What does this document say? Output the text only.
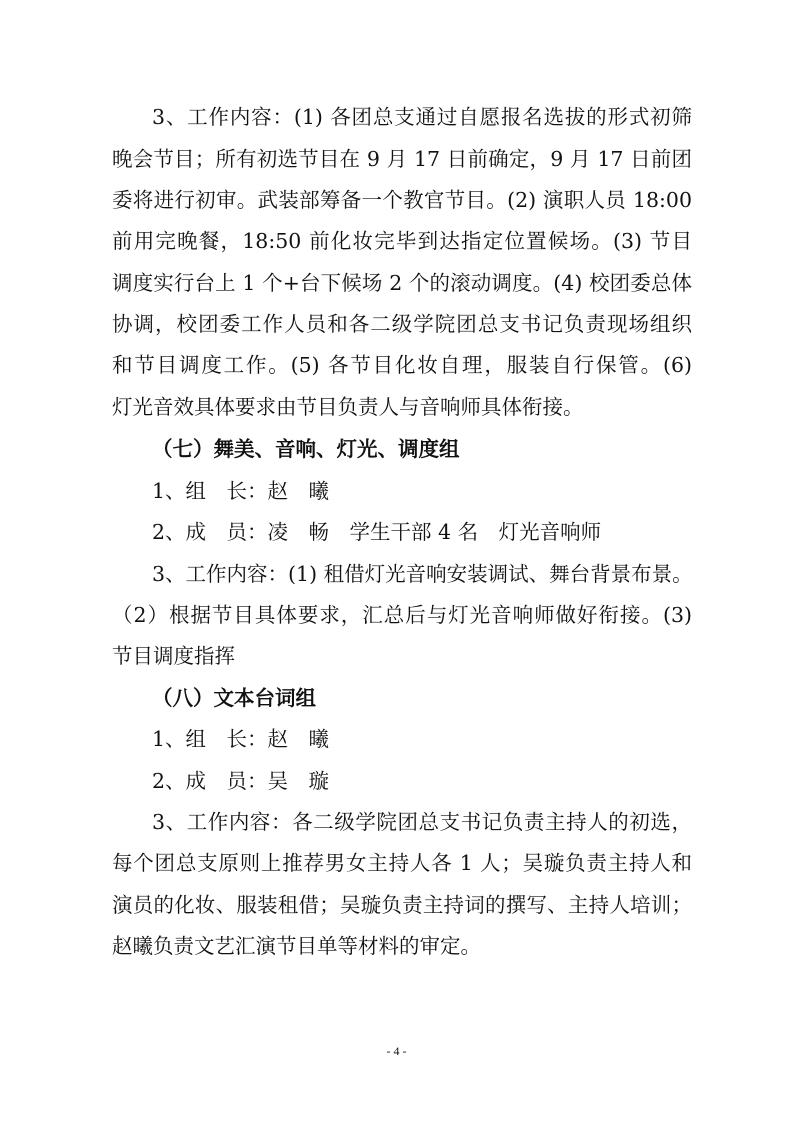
3、工作内容：(1) 各团总支通过自愿报名选拔的形式初筛
晚会节目；所有初选节目在 9 月 17 日前确定，9 月 17 日前团
委将进行初审。武装部筹备一个教官节目。(2) 演职人员 18:00
前用完晚餐，18:50 前化妆完毕到达指定位置候场。(3) 节目
调度实行台上 1 个+台下候场 2 个的滚动调度。(4) 校团委总体
协调，校团委工作人员和各二级学院团总支书记负责现场组织
和节目调度工作。(5) 各节目化妆自理，服装自行保管。(6)
灯光音效具体要求由节目负责人与音响师具体衔接。
（七）舞美、音响、灯光、调度组
1、组　长：赵　曦
2、成　员：凌　畅　学生干部 4 名　灯光音响师
3、工作内容：(1) 租借灯光音响安装调试、舞台背景布景。
（2）根据节目具体要求，汇总后与灯光音响师做好衔接。(3)
节目调度指挥
（八）文本台词组
1、组　长：赵　曦
2、成　员：吴　璇
3、工作内容：各二级学院团总支书记负责主持人的初选，
每个团总支原则上推荐男女主持人各 1 人；吴璇负责主持人和
演员的化妆、服装租借；吴璇负责主持词的撰写、主持人培训；
赵曦负责文艺汇演节目单等材料的审定。
- 4 -
